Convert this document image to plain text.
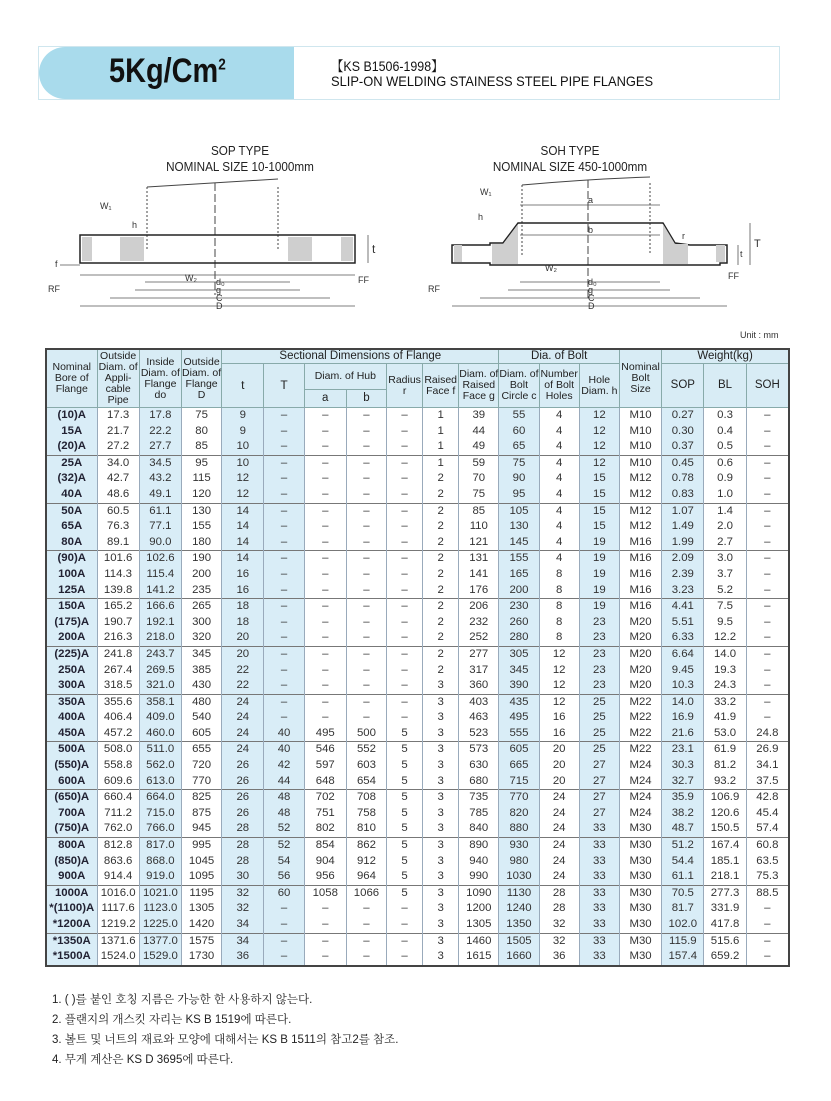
5Kg/Cm$^2$	【KS B1506-1998】
SLIP-ON WELDING STAINESS STEEL PIPE FLANGES
SOP TYPE
NOMINAL SIZE 10-1000mm
W₁
h
W₂
t
f
RF
FF
d₀
g
C
D
SOH TYPE
NOMINAL SIZE 450-1000mm
W₁
h
a
b
W₂
T
t
r
RF
FF
d₀
g
C
D
Unit : mm
Nominal Bore of Flange	Outside Diam. of Appli-cable Pipe	Inside Diam. of Flange do	Outside Diam. of Flange D	Sectional Dimensions of Flange							Dia. of Bolt			Nominal Bolt Size	Weight(kg)		
				t	T	Diam. of Hub		Radius r	Raised Face f	Diam. of Raised Face g	Diam. of Bolt Circle c	Number of Bolt Holes	Hole Diam. h		SOP	BL	SOH
						a	b										
(10)A	17.3	17.8	75	9	–	–	–	–	1	39	55	4	12	M10	0.27	0.3	–
15A	21.7	22.2	80	9	–	–	–	–	1	44	60	4	12	M10	0.30	0.4	–
(20)A	27.2	27.7	85	10	–	–	–	–	1	49	65	4	12	M10	0.37	0.5	–
25A	34.0	34.5	95	10	–	–	–	–	1	59	75	4	12	M10	0.45	0.6	–
(32)A	42.7	43.2	115	12	–	–	–	–	2	70	90	4	15	M12	0.78	0.9	–
40A	48.6	49.1	120	12	–	–	–	–	2	75	95	4	15	M12	0.83	1.0	–
50A	60.5	61.1	130	14	–	–	–	–	2	85	105	4	15	M12	1.07	1.4	–
65A	76.3	77.1	155	14	–	–	–	–	2	110	130	4	15	M12	1.49	2.0	–
80A	89.1	90.0	180	14	–	–	–	–	2	121	145	4	19	M16	1.99	2.7	–
(90)A	101.6	102.6	190	14	–	–	–	–	2	131	155	4	19	M16	2.09	3.0	–
100A	114.3	115.4	200	16	–	–	–	–	2	141	165	8	19	M16	2.39	3.7	–
125A	139.8	141.2	235	16	–	–	–	–	2	176	200	8	19	M16	3.23	5.2	–
150A	165.2	166.6	265	18	–	–	–	–	2	206	230	8	19	M16	4.41	7.5	–
(175)A	190.7	192.1	300	18	–	–	–	–	2	232	260	8	23	M20	5.51	9.5	–
200A	216.3	218.0	320	20	–	–	–	–	2	252	280	8	23	M20	6.33	12.2	–
(225)A	241.8	243.7	345	20	–	–	–	–	2	277	305	12	23	M20	6.64	14.0	–
250A	267.4	269.5	385	22	–	–	–	–	2	317	345	12	23	M20	9.45	19.3	–
300A	318.5	321.0	430	22	–	–	–	–	3	360	390	12	23	M20	10.3	24.3	–
350A	355.6	358.1	480	24	–	–	–	–	3	403	435	12	25	M22	14.0	33.2	–
400A	406.4	409.0	540	24	–	–	–	–	3	463	495	16	25	M22	16.9	41.9	–
450A	457.2	460.0	605	24	40	495	500	5	3	523	555	16	25	M22	21.6	53.0	24.8
500A	508.0	511.0	655	24	40	546	552	5	3	573	605	20	25	M22	23.1	61.9	26.9
(550)A	558.8	562.0	720	26	42	597	603	5	3	630	665	20	27	M24	30.3	81.2	34.1
600A	609.6	613.0	770	26	44	648	654	5	3	680	715	20	27	M24	32.7	93.2	37.5
(650)A	660.4	664.0	825	26	48	702	708	5	3	735	770	24	27	M24	35.9	106.9	42.8
700A	711.2	715.0	875	26	48	751	758	5	3	785	820	24	27	M24	38.2	120.6	45.4
(750)A	762.0	766.0	945	28	52	802	810	5	3	840	880	24	33	M30	48.7	150.5	57.4
800A	812.8	817.0	995	28	52	854	862	5	3	890	930	24	33	M30	51.2	167.4	60.8
(850)A	863.6	868.0	1045	28	54	904	912	5	3	940	980	24	33	M30	54.4	185.1	63.5
900A	914.4	919.0	1095	30	56	956	964	5	3	990	1030	24	33	M30	61.1	218.1	75.3
1000A	1016.0	1021.0	1195	32	60	1058	1066	5	3	1090	1130	28	33	M30	70.5	277.3	88.5
*(1100)A	1117.6	1123.0	1305	32	–	–	–	–	3	1200	1240	28	33	M30	81.7	331.9	–
*1200A	1219.2	1225.0	1420	34	–	–	–	–	3	1305	1350	32	33	M30	102.0	417.8	–
*1350A	1371.6	1377.0	1575	34	–	–	–	–	3	1460	1505	32	33	M30	115.9	515.6	–
*1500A	1524.0	1529.0	1730	36	–	–	–	–	3	1615	1660	36	33	M30	157.4	659.2	–
1. ( )를 붙인 호칭 지름은 가능한 한 사용하지 않는다.
2. 플랜지의 개스킷 자리는 KS B 1519에 따른다.
3. 볼트 및 너트의 재료와 모양에 대해서는 KS B 1511의 참고2를 참조.
4. 무게 계산은 KS D 3695에 따른다.
